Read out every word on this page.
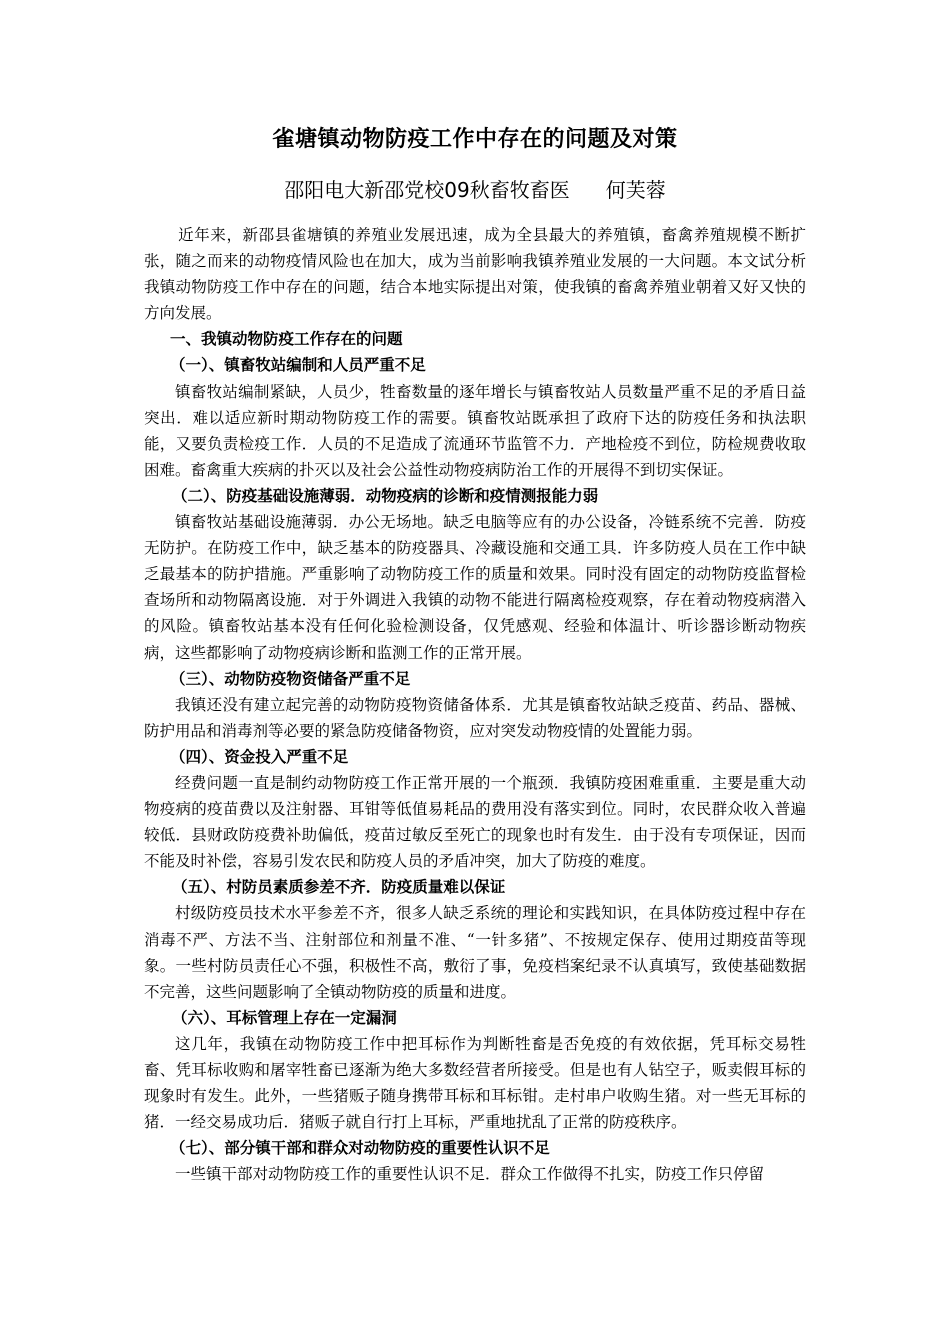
雀塘镇动物防疫工作中存在的问题及对策
邵阳电大新邵党校09秋畜牧畜医 何芙蓉

近年来，新邵县雀塘镇的养殖业发展迅速，成为全县最大的养殖镇，畜禽养殖规模不断扩张，随之而来的动物疫情风险也在加大，成为当前影响我镇养殖业发展的一大问题。本文试分析我镇动物防疫工作中存在的问题，结合本地实际提出对策，使我镇的畜禽养殖业朝着又好又快的方向发展。

一、我镇动物防疫工作存在的问题
（一）、镇畜牧站编制和人员严重不足

镇畜牧站编制紧缺，人员少，牲畜数量的逐年增长与镇畜牧站人员数量严重不足的矛盾日益突出．难以适应新时期动物防疫工作的需要。镇畜牧站既承担了政府下达的防疫任务和执法职能，又要负责检疫工作．人员的不足造成了流通环节监管不力．产地检疫不到位，防检规费收取困难。畜禽重大疾病的扑灭以及社会公益性动物疫病防治工作的开展得不到切实保证。

（二）、防疫基础设施薄弱．动物疫病的诊断和疫情测报能力弱

镇畜牧站基础设施薄弱．办公无场地。缺乏电脑等应有的办公设备，冷链系统不完善．防疫无防护。在防疫工作中，缺乏基本的防疫器具、冷藏设施和交通工具．许多防疫人员在工作中缺乏最基本的防护措施。严重影响了动物防疫工作的质量和效果。同时没有固定的动物防疫监督检查场所和动物隔离设施．对于外调进入我镇的动物不能进行隔离检疫观察，存在着动物疫病潜入的风险。镇畜牧站基本没有任何化验检测设备，仅凭感观、经验和体温计、听诊器诊断动物疾病，这些都影响了动物疫病诊断和监测工作的正常开展。

（三）、动物防疫物资储备严重不足

我镇还没有建立起完善的动物防疫物资储备体系．尤其是镇畜牧站缺乏疫苗、药品、器械、防护用品和消毒剂等必要的紧急防疫储备物资，应对突发动物疫情的处置能力弱。

（四）、资金投入严重不足

经费问题一直是制约动物防疫工作正常开展的一个瓶颈．我镇防疫困难重重．主要是重大动物疫病的疫苗费以及注射器、耳钳等低值易耗品的费用没有落实到位。同时，农民群众收入普遍较低．县财政防疫费补助偏低，疫苗过敏反至死亡的现象也时有发生．由于没有专项保证，因而不能及时补偿，容易引发农民和防疫人员的矛盾冲突，加大了防疫的难度。

（五）、村防员素质参差不齐．防疫质量难以保证

村级防疫员技术水平参差不齐，很多人缺乏系统的理论和实践知识，在具体防疫过程中存在消毒不严、方法不当、注射部位和剂量不准、“一针多猪”、不按规定保存、使用过期疫苗等现象。一些村防员责任心不强，积极性不高，敷衍了事，免疫档案纪录不认真填写，致使基础数据不完善，这些问题影响了全镇动物防疫的质量和进度。

（六）、耳标管理上存在一定漏洞

这几年，我镇在动物防疫工作中把耳标作为判断牲畜是否免疫的有效依据，凭耳标交易牲畜、凭耳标收购和屠宰牲畜已逐渐为绝大多数经营者所接受。但是也有人钻空子，贩卖假耳标的现象时有发生。此外，一些猪贩子随身携带耳标和耳标钳。走村串户收购生猪。对一些无耳标的猪．一经交易成功后．猪贩子就自行打上耳标，严重地扰乱了正常的防疫秩序。

（七）、部分镇干部和群众对动物防疫的重要性认识不足

一些镇干部对动物防疫工作的重要性认识不足．群众工作做得不扎实，防疫工作只停留
